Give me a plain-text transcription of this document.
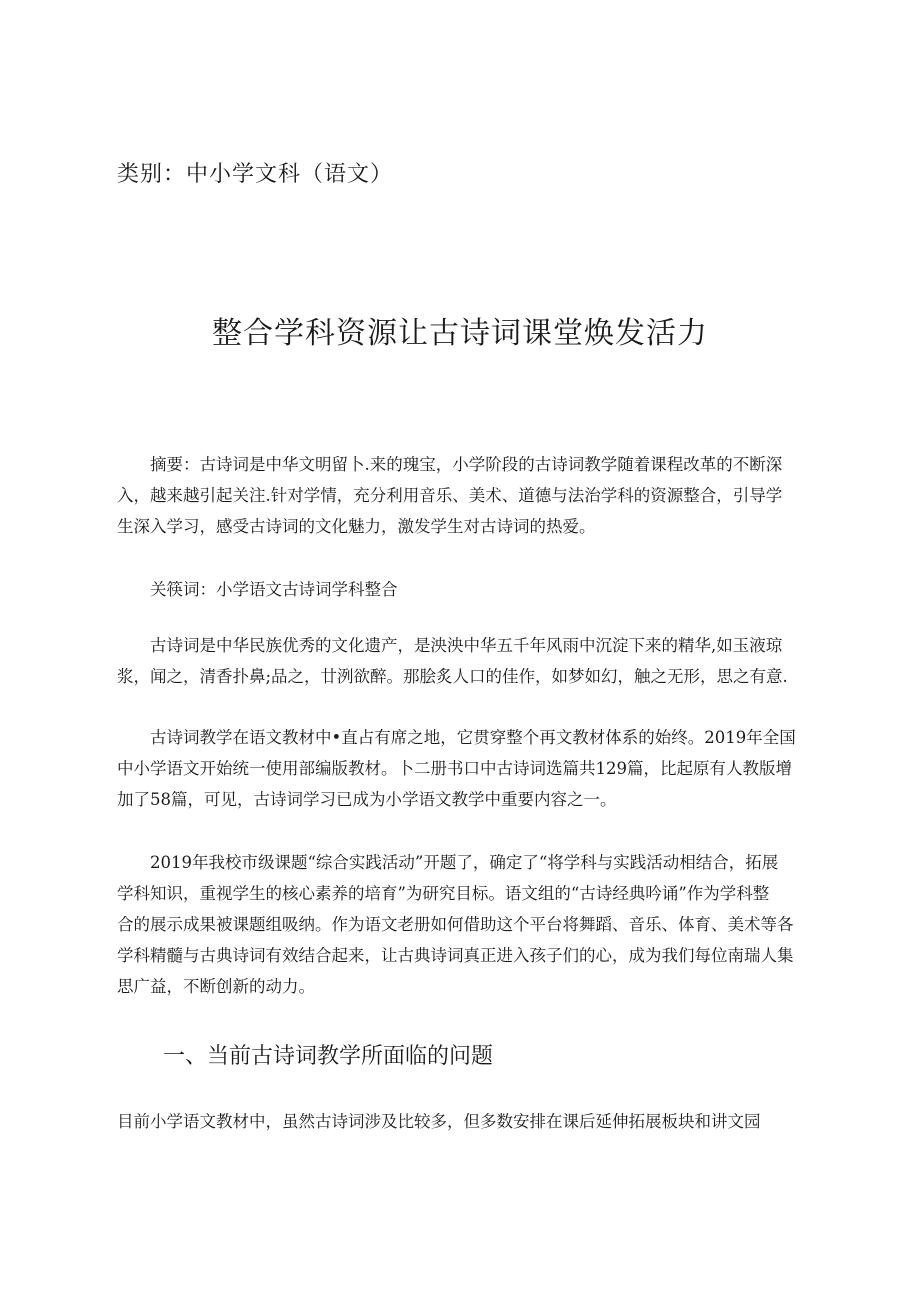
类别：中小学文科（语文）
整合学科资源让古诗词课堂焕发活力

摘要：古诗词是中华文明留卜.来的瑰宝，小学阶段的古诗词教学随着课程改革的不断深
入，越来越引起关注.针对学情，充分利用音乐、美术、道德与法治学科的资源整合，引导学
生深入学习，感受古诗词的文化魅力，激发学生对古诗词的热爱。

关筷词：小学语文古诗词学科整合

古诗词是中华民族优秀的文化遗产，是泱泱中华五千年风雨中沉淀下来的精华,如玉液琼
浆，闻之，清香扑鼻;品之，廿洌欲醉。那脍炙人口的佳作，如梦如幻，触之无形，思之有意.

古诗词教学在语文教材中•直占有席之地，它贯穿整个再文教材体系的始终。2019年全国
中小学语文开始统一使用部编版教材。卜二册书口中古诗词选篇共129篇，比起原有人教版增
加了58篇，可见，古诗词学习已成为小学语文教学中重要内容之一。

2019年我校市级课题“综合实践活动”开题了，确定了“将学科与实践活动相结合，拓展
学科知识，重视学生的核心素养的培育”为研究目标。语文组的“古诗经典吟诵”作为学科整
合的展示成果被课题组吸纳。作为语文老册如何借助这个平台将舞蹈、音乐、体育、美术等各
学科精髓与古典诗词有效结合起来，让古典诗词真正进入孩子们的心，成为我们每位南瑞人集
思广益，不断创新的动力。

一、当前古诗词教学所面临的问题

目前小学语文教材中，虽然古诗词涉及比较多，但多数安排在课后延伸拓展板块和讲文园
